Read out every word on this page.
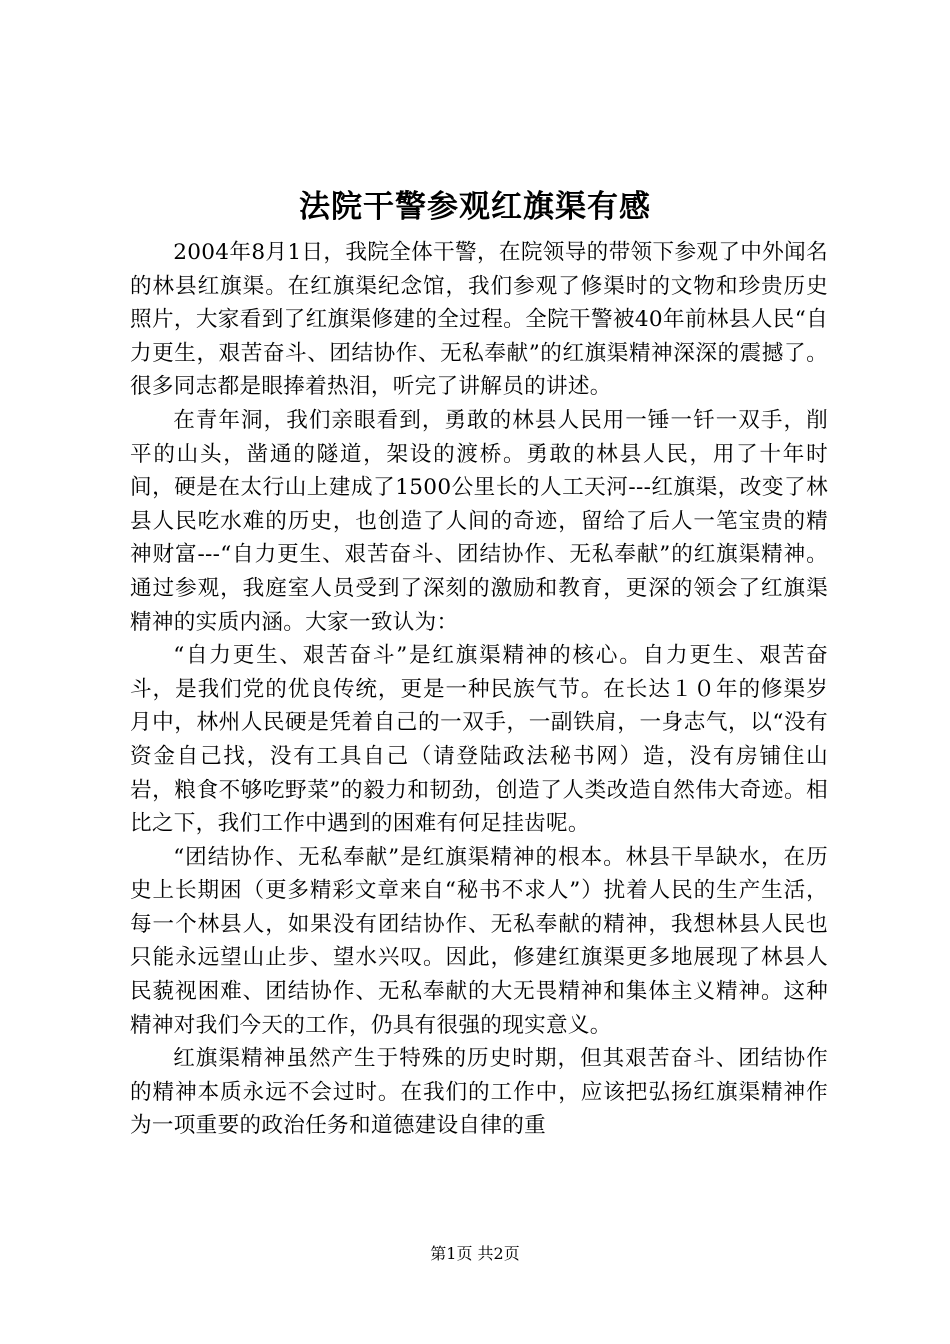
法院干警参观红旗渠有感

2004年8月1日，我院全体干警，在院领导的带领下参观了中外闻名的林县红旗渠。在红旗渠纪念馆，我们参观了修渠时的文物和珍贵历史照片，大家看到了红旗渠修建的全过程。全院干警被40年前林县人民“自力更生，艰苦奋斗、团结协作、无私奉献”的红旗渠精神深深的震撼了。很多同志都是眼捧着热泪，听完了讲解员的讲述。

在青年洞，我们亲眼看到，勇敢的林县人民用一锤一钎一双手，削平的山头，凿通的隧道，架设的渡桥。勇敢的林县人民，用了十年时间，硬是在太行山上建成了1500公里长的人工天河---红旗渠，改变了林县人民吃水难的历史，也创造了人间的奇迹，留给了后人一笔宝贵的精神财富---“自力更生、艰苦奋斗、团结协作、无私奉献”的红旗渠精神。通过参观，我庭室人员受到了深刻的激励和教育，更深的领会了红旗渠精神的实质内涵。大家一致认为：

“自力更生、艰苦奋斗”是红旗渠精神的核心。自力更生、艰苦奋斗，是我们党的优良传统，更是一种民族气节。在长达１０年的修渠岁月中，林州人民硬是凭着自己的一双手，一副铁肩，一身志气，以“没有资金自己找，没有工具自己（请登陆政法秘书网）造，没有房铺住山岩，粮食不够吃野菜”的毅力和韧劲，创造了人类改造自然伟大奇迹。相比之下，我们工作中遇到的困难有何足挂齿呢。

“团结协作、无私奉献”是红旗渠精神的根本。林县干旱缺水，在历史上长期困（更多精彩文章来自“秘书不求人”）扰着人民的生产生活，每一个林县人，如果没有团结协作、无私奉献的精神，我想林县人民也只能永远望山止步、望水兴叹。因此，修建红旗渠更多地展现了林县人民藐视困难、团结协作、无私奉献的大无畏精神和集体主义精神。这种精神对我们今天的工作，仍具有很强的现实意义。

红旗渠精神虽然产生于特殊的历史时期，但其艰苦奋斗、团结协作的精神本质永远不会过时。在我们的工作中，应该把弘扬红旗渠精神作为一项重要的政治任务和道德建设自律的重

第1页 共2页
